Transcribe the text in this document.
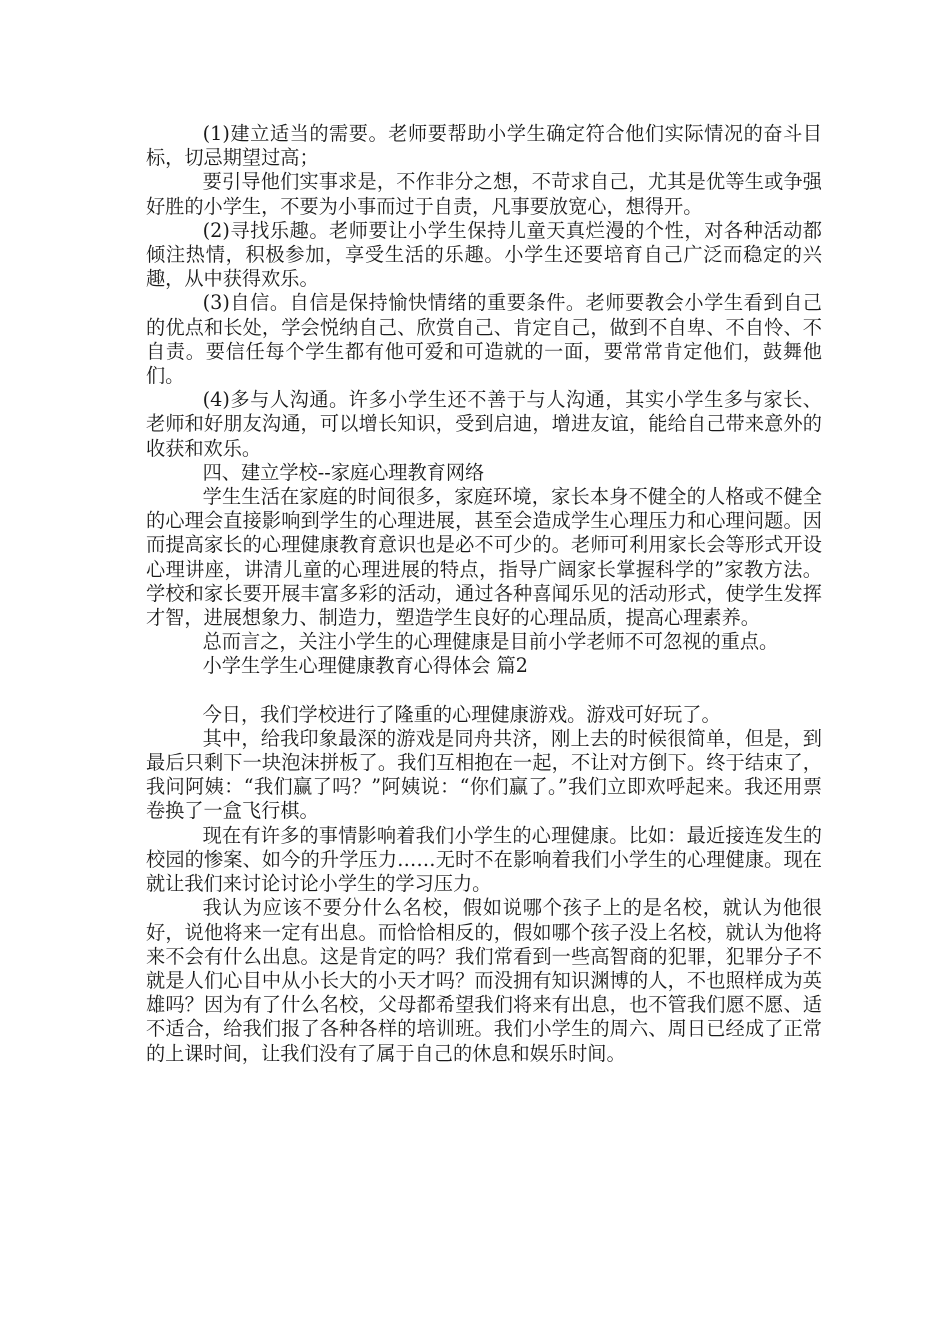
(1)建立适当的需要。老师要帮助小学生确定符合他们实际情况的奋斗目标，切忌期望过高；

要引导他们实事求是，不作非分之想，不苛求自己，尤其是优等生或争强好胜的小学生，不要为小事而过于自责，凡事要放宽心，想得开。

(2)寻找乐趣。老师要让小学生保持儿童天真烂漫的个性，对各种活动都倾注热情，积极参加，享受生活的乐趣。小学生还要培育自己广泛而稳定的兴趣，从中获得欢乐。

(3)自信。自信是保持愉快情绪的重要条件。老师要教会小学生看到自己的优点和长处，学会悦纳自己、欣赏自己、肯定自己，做到不自卑、不自怜、不自责。要信任每个学生都有他可爱和可造就的一面，要常常肯定他们，鼓舞他们。

(4)多与人沟通。许多小学生还不善于与人沟通，其实小学生多与家长、老师和好朋友沟通，可以增长知识，受到启迪，增进友谊，能给自己带来意外的收获和欢乐。

四、建立学校--家庭心理教育网络

学生生活在家庭的时间很多，家庭环境，家长本身不健全的人格或不健全的心理会直接影响到学生的心理进展，甚至会造成学生心理压力和心理问题。因而提高家长的心理健康教育意识也是必不可少的。老师可利用家长会等形式开设心理讲座，讲清儿童的心理进展的特点，指导广阔家长掌握科学的”家教方法。学校和家长要开展丰富多彩的活动，通过各种喜闻乐见的活动形式，使学生发挥才智，进展想象力、制造力，塑造学生良好的心理品质，提高心理素养。

总而言之，关注小学生的心理健康是目前小学老师不可忽视的重点。

小学生学生心理健康教育心得体会 篇2

今日，我们学校进行了隆重的心理健康游戏。游戏可好玩了。

其中，给我印象最深的游戏是同舟共济，刚上去的时候很简单，但是，到最后只剩下一块泡沫拼板了。我们互相抱在一起，不让对方倒下。终于结束了，我问阿姨：“我们赢了吗？”阿姨说：“你们赢了。”我们立即欢呼起来。我还用票卷换了一盒飞行棋。

现在有许多的事情影响着我们小学生的心理健康。比如：最近接连发生的校园的惨案、如今的升学压力……无时不在影响着我们小学生的心理健康。现在就让我们来讨论讨论小学生的学习压力。

我认为应该不要分什么名校，假如说哪个孩子上的是名校，就认为他很好，说他将来一定有出息。而恰恰相反的，假如哪个孩子没上名校，就认为他将来不会有什么出息。这是肯定的吗？我们常看到一些高智商的犯罪，犯罪分子不就是人们心目中从小长大的小天才吗？而没拥有知识渊博的人，不也照样成为英雄吗？因为有了什么名校，父母都希望我们将来有出息，也不管我们愿不愿、适不适合，给我们报了各种各样的培训班。我们小学生的周六、周日已经成了正常的上课时间，让我们没有了属于自己的休息和娱乐时间。
